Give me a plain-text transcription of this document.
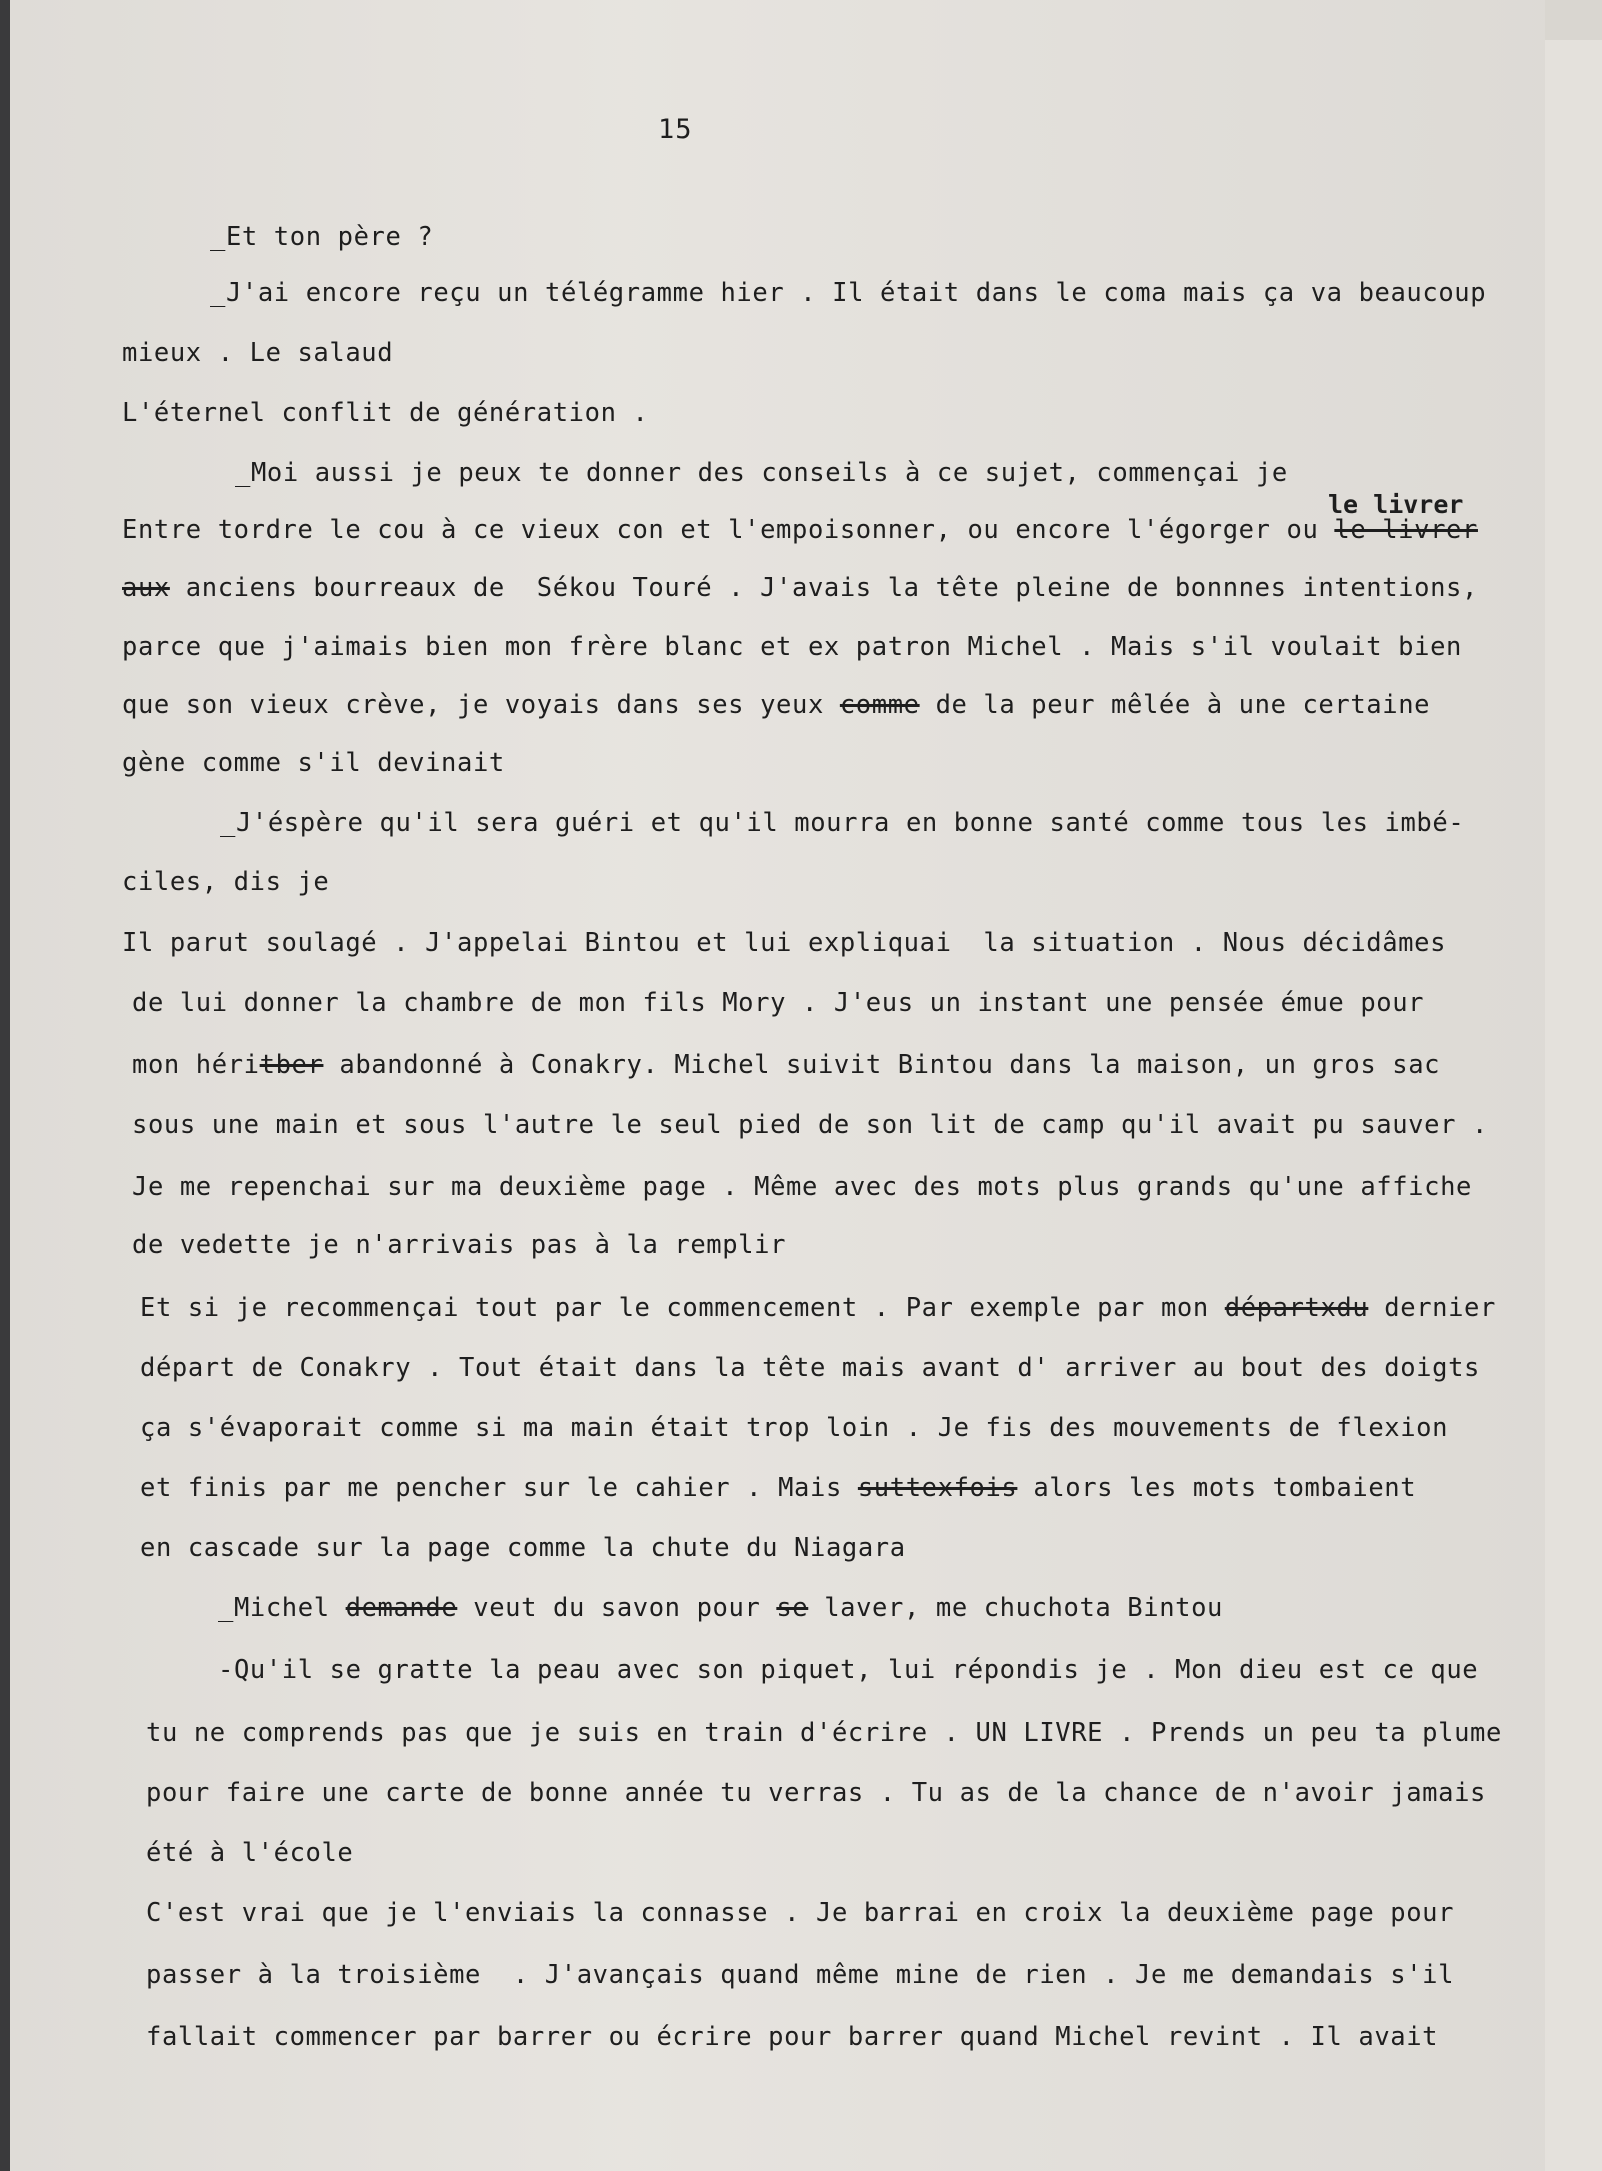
15
_Et ton père ?
_J'ai encore reçu un télégramme hier . Il était dans le coma mais ça va beaucoup
mieux . Le salaud
L'éternel conflit de génération .
_Moi aussi je peux te donner des conseils à ce sujet, commençai je
le livrer
Entre tordre le cou à ce vieux con et l'empoisonner, ou encore l'égorger ou le livrer
aux anciens bourreaux de  Sékou Touré . J'avais la tête pleine de bonnnes intentions,
parce que j'aimais bien mon frère blanc et ex patron Michel . Mais s'il voulait bien
que son vieux crève, je voyais dans ses yeux comme de la peur mêlée à une certaine
gène comme s'il devinait
_J'éspère qu'il sera guéri et qu'il mourra en bonne santé comme tous les imbé-
ciles, dis je
Il parut soulagé . J'appelai Bintou et lui expliquai  la situation . Nous décidâmes
de lui donner la chambre de mon fils Mory . J'eus un instant une pensée émue pour
mon héritber abandonné à Conakry. Michel suivit Bintou dans la maison, un gros sac
sous une main et sous l'autre le seul pied de son lit de camp qu'il avait pu sauver .
Je me repenchai sur ma deuxième page . Même avec des mots plus grands qu'une affiche
de vedette je n'arrivais pas à la remplir
Et si je recommençai tout par le commencement . Par exemple par mon départxdu dernier
départ de Conakry . Tout était dans la tête mais avant d' arriver au bout des doigts
ça s'évaporait comme si ma main était trop loin . Je fis des mouvements de flexion
et finis par me pencher sur le cahier . Mais suttexfois alors les mots tombaient
en cascade sur la page comme la chute du Niagara
_Michel demande veut du savon pour se laver, me chuchota Bintou
-Qu'il se gratte la peau avec son piquet, lui répondis je . Mon dieu est ce que
tu ne comprends pas que je suis en train d'écrire . UN LIVRE . Prends un peu ta plume
pour faire une carte de bonne année tu verras . Tu as de la chance de n'avoir jamais
été à l'école
C'est vrai que je l'enviais la connasse . Je barrai en croix la deuxième page pour
passer à la troisième  . J'avançais quand même mine de rien . Je me demandais s'il
fallait commencer par barrer ou écrire pour barrer quand Michel revint . Il avait
